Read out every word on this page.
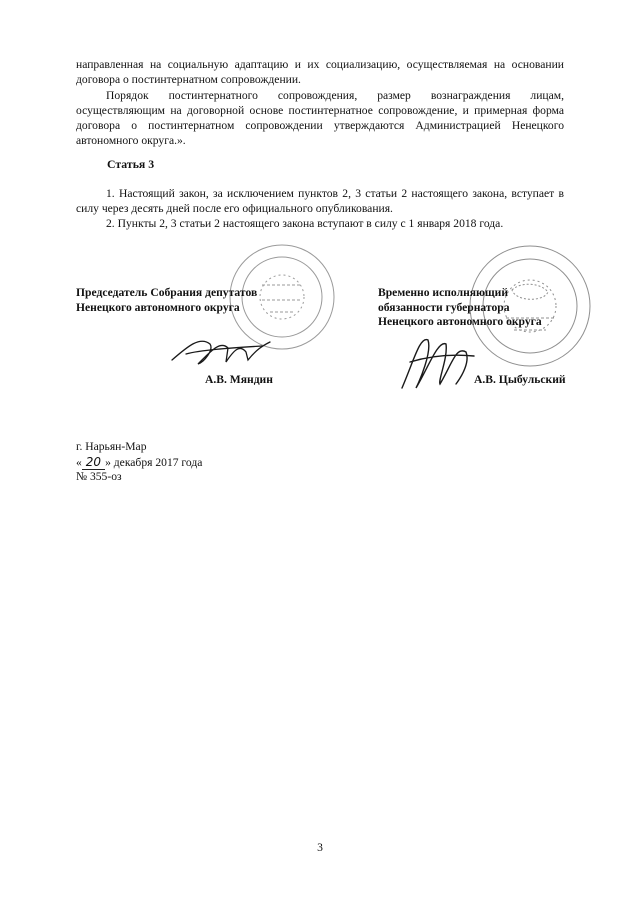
направленная на социальную адаптацию и их социализацию, осуществляемая на основании договора о постинтернатном сопровождении.

Порядок постинтернатного сопровождения, размер вознаграждения лицам, осуществляющим на договорной основе постинтернатное сопровождение, и примерная форма договора о постинтернатном сопровождении утверждаются Администрацией Ненецкого автономного округа.».

Статья 3

1. Настоящий закон, за исключением пунктов 2, 3 статьи 2 настоящего закона, вступает в силу через десять дней после его официального опубликования.

2. Пункты 2, 3 статьи 2 настоящего закона вступают в силу с 1 января 2018 года.

Председатель Собрания депутатов
Ненецкого автономного округа
А.В. Мяндин
Временно исполняющий
обязанности губернатора
Ненецкого автономного округа
А.В. Цыбульский
г. Нарьян-Мар
« 20 » декабря 2017 года
№ 355-оз
3
